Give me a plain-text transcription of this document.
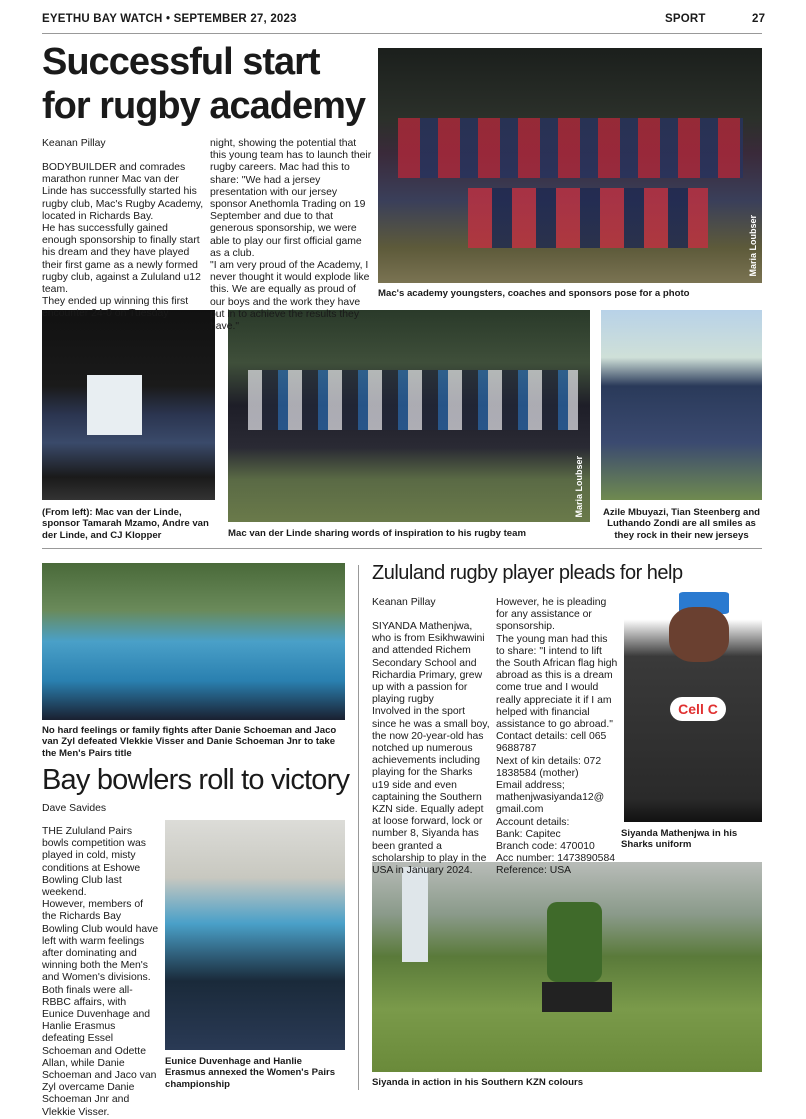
EYETHU BAY WATCH • SEPTEMBER 27, 2023	SPORT	27
Successful start for rugby academy
Keanan Pillay
BODYBUILDER and comrades marathon runner Mac van der Linde has successfully started his rugby club, Mac's Rugby Academy, located in Richards Bay.
He has successfully gained enough sponsorship to finally start his dream and they have played their first game as a newly formed rugby club, against a Zululand u12 team.
They ended up winning this first encounter 24-0 on Tuesday
night, showing the potential that this young team has to launch their rugby careers. Mac had this to share: "We had a jersey presentation with our jersey sponsor Anethomla Trading on 19 September and due to that generous sponsorship, we were able to play our first official game as a club.
"I am very proud of the Academy, I never thought it would explode like this. We are equally as proud of our boys and the work they have put in to achieve the results they have."
Maria Loubser
Mac's academy youngsters, coaches and sponsors pose for a photo
(From left): Mac van der Linde, sponsor Tamarah Mzamo, Andre van der Linde, and CJ Klopper
Maria Loubser
Mac van der Linde sharing words of inspiration to his rugby team
Azile Mbuyazi, Tian Steenberg and Luthando Zondi are all smiles as they rock in their new jerseys
No hard feelings or family fights after Danie Schoeman and Jaco van Zyl defeated Vlekkie Visser and Danie Schoeman Jnr to take the Men's Pairs title
Bay bowlers roll to victory
Dave Savides
THE Zululand Pairs bowls competition was played in cold, misty conditions at Eshowe Bowling Club last weekend.
However, members of the Richards Bay Bowling Club would have left with warm feelings after dominating and winning both the Men's and Women's divisions.
Both finals were all-RBBC affairs, with Eunice Duvenhage and Hanlie Erasmus defeating Essel Schoeman and Odette Allan, while Danie Schoeman and Jaco van Zyl overcame Danie Schoeman Jnr and Vlekkie Visser.
Eunice Duvenhage and Hanlie Erasmus annexed the Women's Pairs championship
Zululand rugby player pleads for help
Keanan Pillay
SIYANDA Mathenjwa, who is from Esikhwawini and attended Richem Secondary School and Richardia Primary, grew up with a passion for playing rugby
Involved in the sport since he was a small boy, the now 20-year-old has notched up numerous achievements including playing for the Sharks u19 side and even captaining the Southern KZN side. Equally adept at loose forward, lock or number 8, Siyanda has been granted a scholarship to play in the USA in January 2024.
However, he is pleading for any assistance or sponsorship.
The young man had this to share: "I intend to lift the South African flag high abroad as this is a dream come true and I would really appreciate it if I am helped with financial assistance to go abroad."
Contact details: cell 065 9688787
Next of kin details: 072 1838584 (mother)
Email address; mathenjwasiyanda12@ gmail.com
Account details:
Bank: Capitec
Branch code: 470010
Acc number: 1473890584
Reference: USA
Cell C
Siyanda Mathenjwa in his Sharks uniform
Siyanda in action in his Southern KZN colours
